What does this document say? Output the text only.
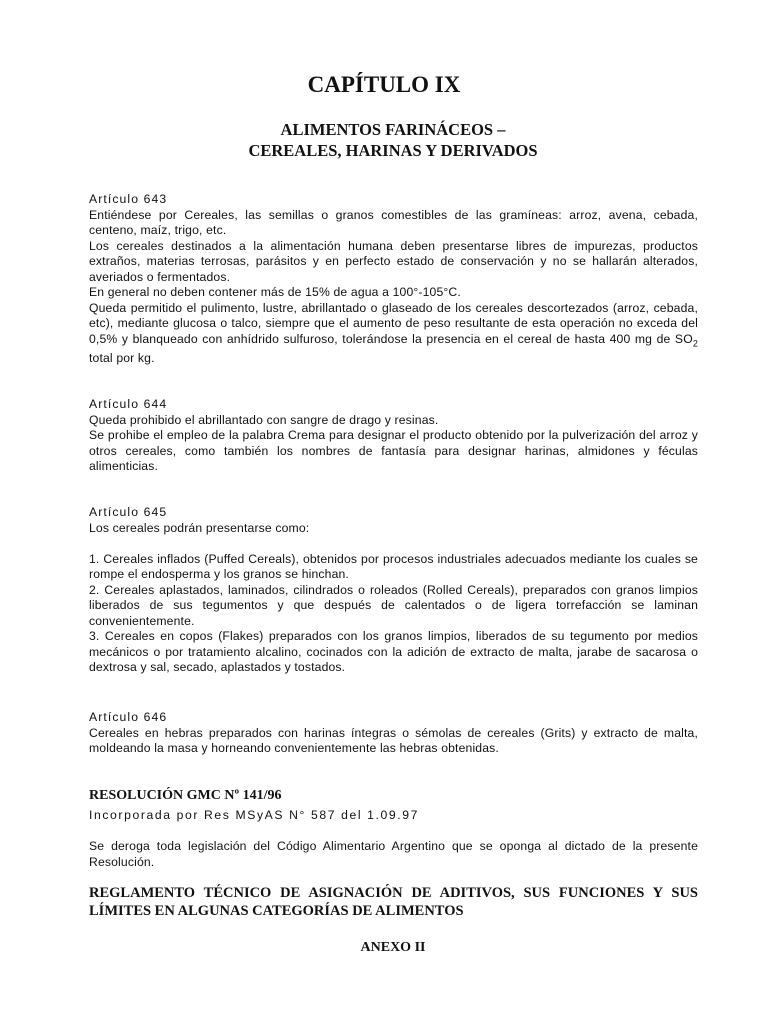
CAPÍTULO IX
ALIMENTOS FARINÁCEOS –
CEREALES, HARINAS Y DERIVADOS

Artículo 643

Entiéndese por Cereales, las semillas o granos comestibles de las gramíneas: arroz, avena, cebada, centeno, maíz, trigo, etc.

Los cereales destinados a la alimentación humana deben presentarse libres de impurezas, productos extraños, materias terrosas, parásitos y en perfecto estado de conservación y no se hallarán alterados, averiados o fermentados.

En general no deben contener más de 15% de agua a 100°-105°C.

Queda permitido el pulimento, lustre, abrillantado o glaseado de los cereales descortezados (arroz, cebada, etc), mediante glucosa o talco, siempre que el aumento de peso resultante de esta operación no exceda del 0,5% y blanqueado con anhídrido sulfuroso, tolerándose la presencia en el cereal de hasta 400 mg de $SO_2$ total por kg.

Artículo 644

Queda prohibido el abrillantado con sangre de drago y resinas.

Se prohibe el empleo de la palabra Crema para designar el producto obtenido por la pulverización del arroz y otros cereales, como también los nombres de fantasía para designar harinas, almidones y féculas alimenticias.

Artículo 645

Los cereales podrán presentarse como:

1. Cereales inflados (Puffed Cereals), obtenidos por procesos industriales adecuados mediante los cuales se rompe el endosperma y los granos se hinchan.

2. Cereales aplastados, laminados, cilindrados o roleados (Rolled Cereals), preparados con granos limpios liberados de sus tegumentos y que después de calentados o de ligera torrefacción se laminan convenientemente.

3. Cereales en copos (Flakes) preparados con los granos limpios, liberados de su tegumento por medios mecánicos o por tratamiento alcalino, cocinados con la adición de extracto de malta, jarabe de sacarosa o dextrosa y sal, secado, aplastados y tostados.

Artículo 646

Cereales en hebras preparados con harinas íntegras o sémolas de cereales (Grits) y extracto de malta, moldeando la masa y horneando convenientemente las hebras obtenidas.

RESOLUCIÓN GMC Nº 141/96
Incorporada por Res MSyAS N° 587 del 1.09.97

Se deroga toda legislación del Código Alimentario Argentino que se oponga al dictado de la presente Resolución.

REGLAMENTO TÉCNICO DE ASIGNACIÓN DE ADITIVOS, SUS FUNCIONES Y SUS LÍMITES EN ALGUNAS CATEGORÍAS DE ALIMENTOS
ANEXO II
